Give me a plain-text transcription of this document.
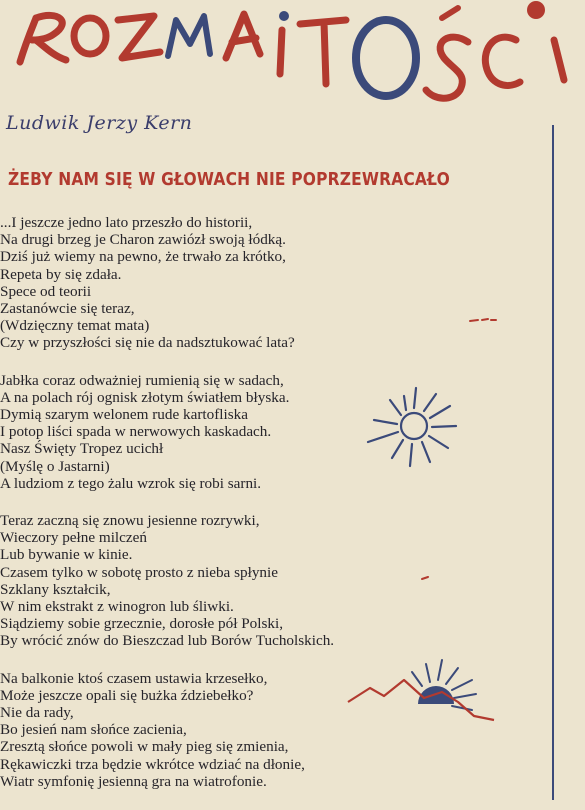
Ludwik Jerzy Kern
ŻEBY NAM SIĘ W GŁOWACH NIE POPRZEWRACAŁO
...I jeszcze jedno lato przeszło do historii,
Na drugi brzeg je Charon zawiózł swoją łódką.
Dziś już wiemy na pewno, że trwało za krótko,
Repeta by się zdała.
Spece od teorii
Zastanówcie się teraz,
(Wdzięczny temat mata)
Czy w przyszłości się nie da nadsztukować lata?
Jabłka coraz odważniej rumienią się w sadach,
A na polach rój ognisk złotym światłem błyska.
Dymią szarym welonem rude kartofliska
I potop liści spada w nerwowych kaskadach.
Nasz Święty Tropez ucichł
(Myślę o Jastarni)
A ludziom z tego żalu wzrok się robi sarni.
Teraz zaczną się znowu jesienne rozrywki,
Wieczory pełne milczeń
Lub bywanie w kinie.
Czasem tylko w sobotę prosto z nieba spłynie
Szklany kształcik,
W nim ekstrakt z winogron lub śliwki.
Siądziemy sobie grzecznie, dorosłe pół Polski,
By wrócić znów do Bieszczad lub Borów Tucholskich.
Na balkonie ktoś czasem ustawia krzesełko,
Może jeszcze opali się bużka ździebełko?
Nie da rady,
Bo jesień nam słońce zacienia,
Zresztą słońce powoli w mały pieg się zmienia,
Rękawiczki trza będzie wkrótce wdziać na dłonie,
Wiatr symfonię jesienną gra na wiatrofonie.
